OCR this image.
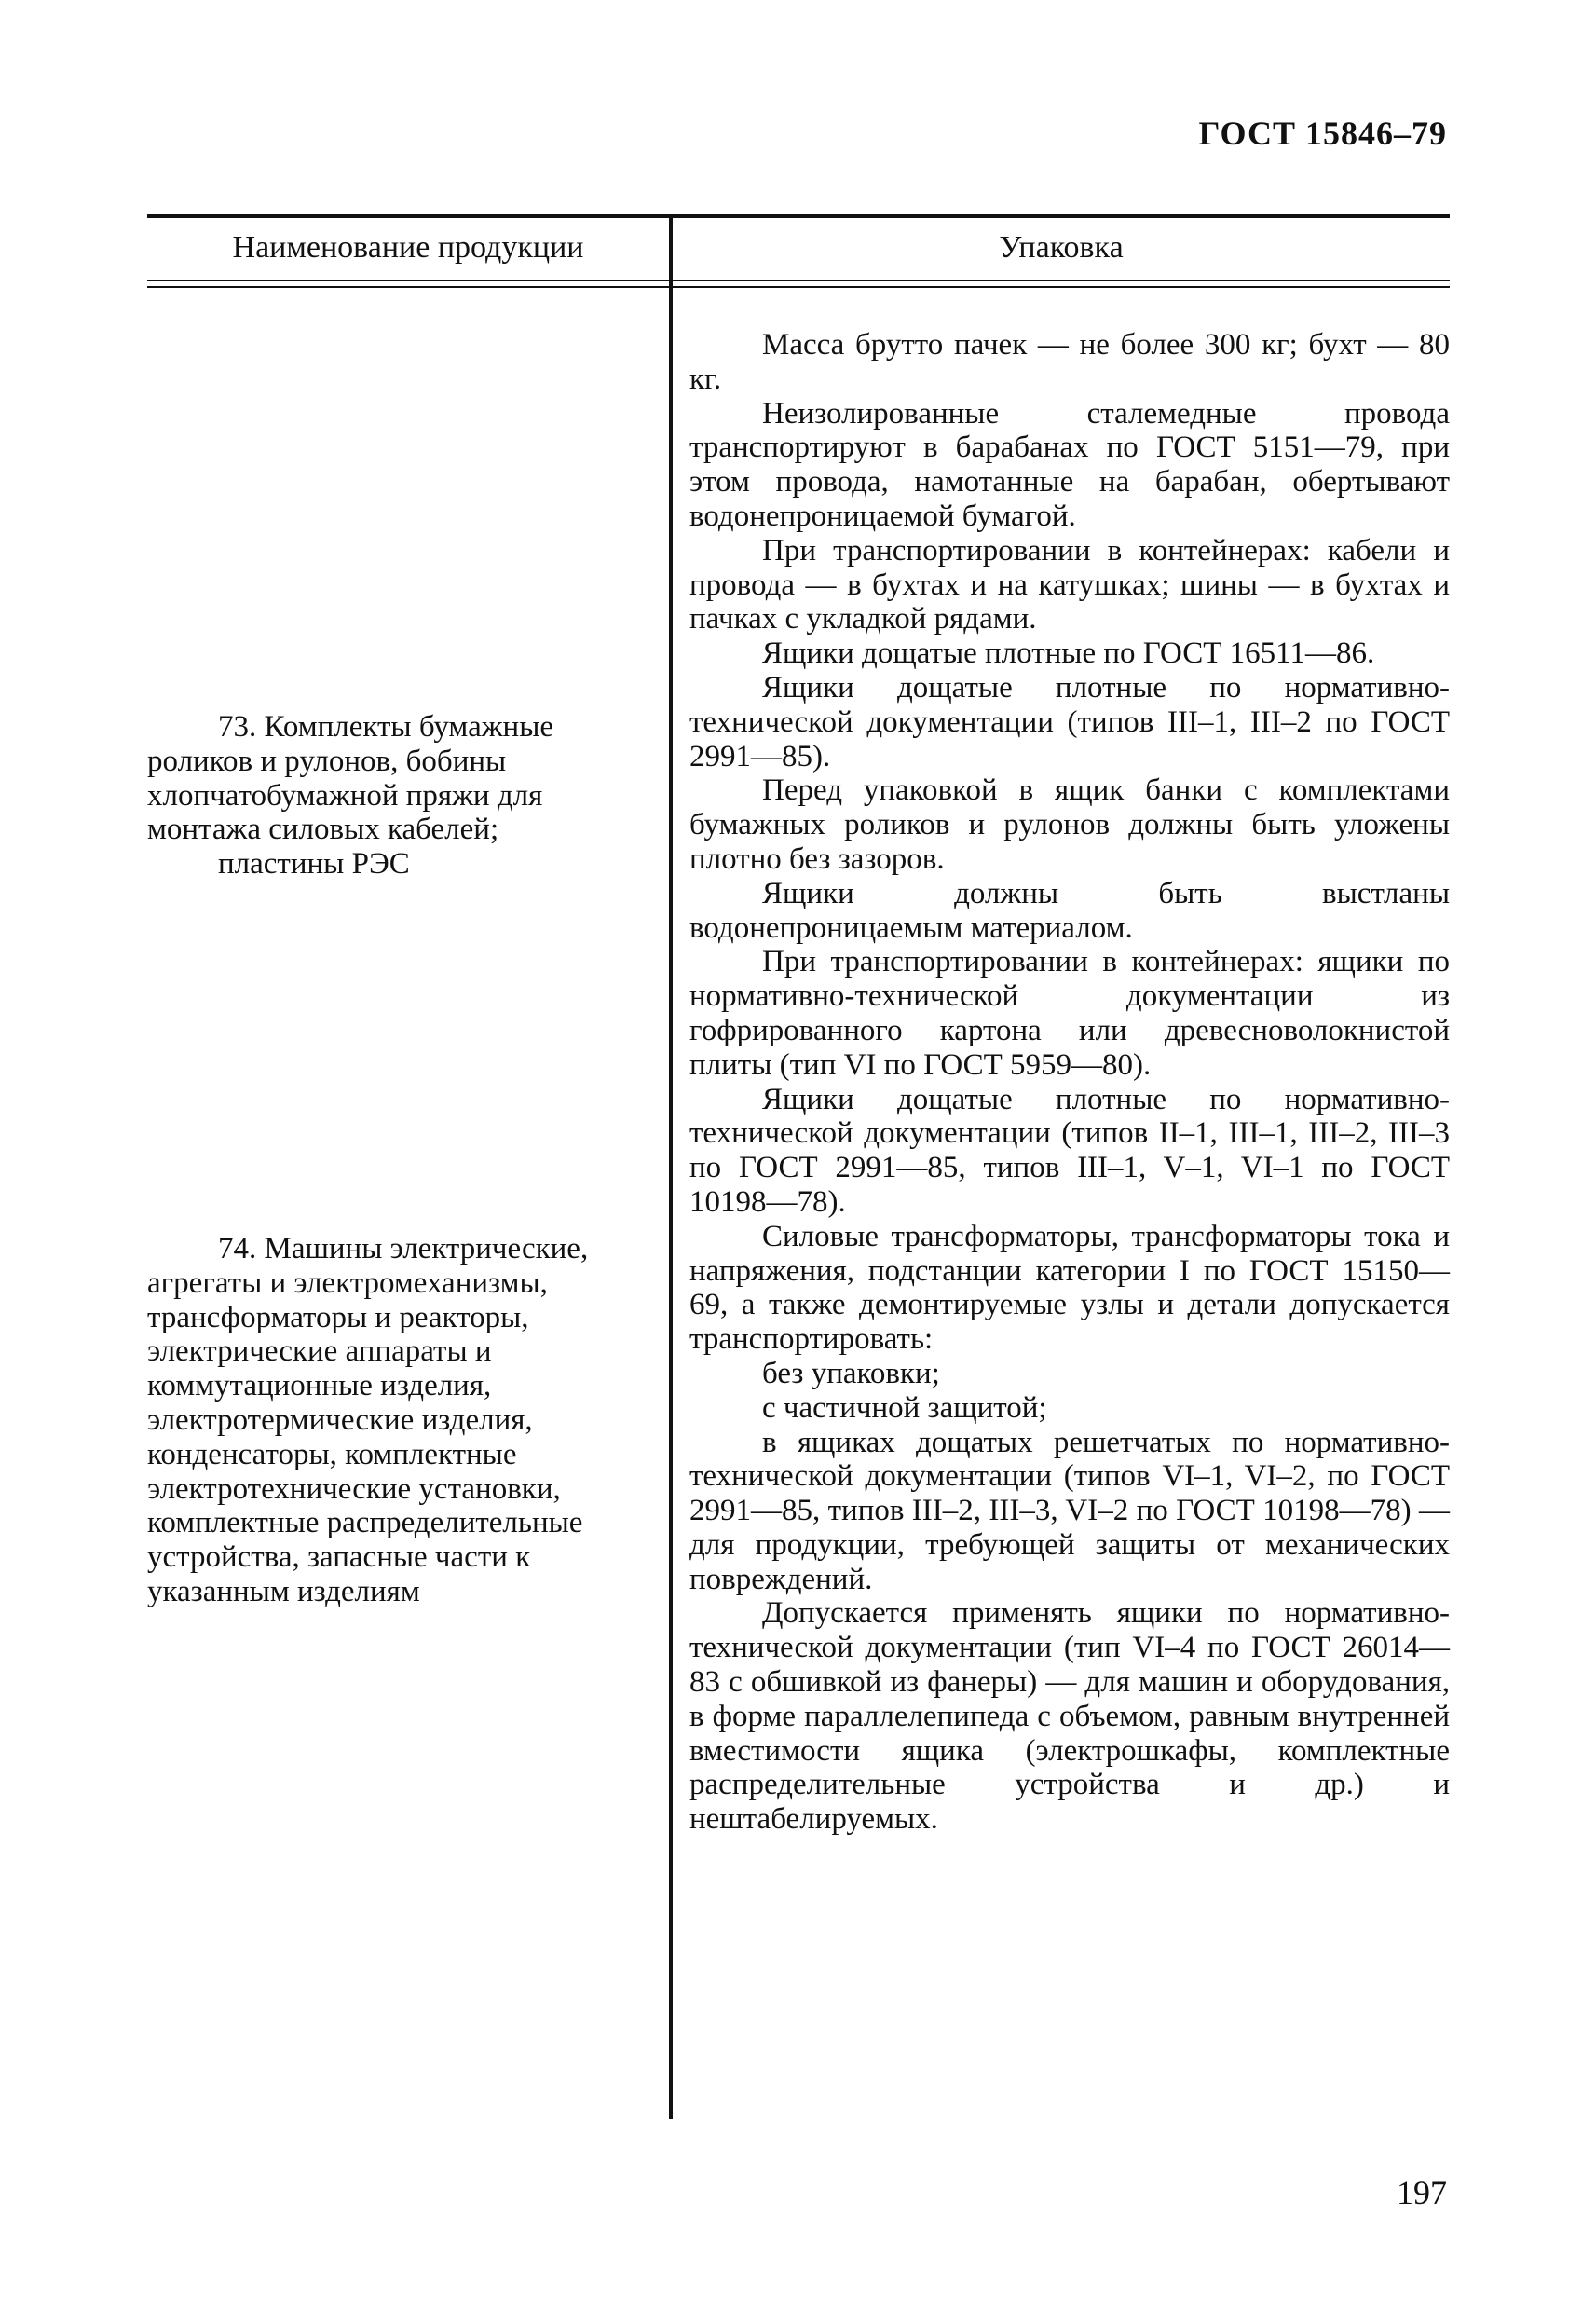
ГОСТ 15846–79

Наименование продукции	Упаковка

73. Комплекты бумажные роликов и рулонов, бобины хлопчатобумажной пряжи для монтажа силовых кабелей;

пластины РЭС

74. Машины электрические, агрегаты и электромеханизмы, трансформаторы и реакторы, электрические аппараты и коммутационные изделия, электротермические изделия, конденсаторы, комплектные электротехнические установки, комплектные распределительные устройства, запасные части к указанным изделиям

Масса брутто пачек — не более 300 кг; бухт — 80 кг.

Неизолированные сталемедные провода транспортируют в барабанах по ГОСТ 5151—79, при этом провода, намотанные на барабан, обертывают водонепроницаемой бумагой.

При транспортировании в контейнерах: кабели и провода — в бухтах и на катушках; шины — в бухтах и пачках с укладкой рядами.

Ящики дощатые плотные по ГОСТ 16511—86.

Ящики дощатые плотные по нормативно-технической документации (типов III–1, III–2 по ГОСТ 2991—85).

Перед упаковкой в ящик банки с комплектами бумажных роликов и рулонов должны быть уложены плотно без зазоров.

Ящики должны быть выстланы водонепроницаемым материалом.

При транспортировании в контейнерах: ящики по нормативно-технической документации из гофрированного картона или древесноволокнистой плиты (тип VI по ГОСТ 5959—80).

Ящики дощатые плотные по нормативно-технической документации (типов II–1, III–1, III–2, III–3 по ГОСТ 2991—85, типов III–1, V–1, VI–1 по ГОСТ 10198—78).

Силовые трансформаторы, трансформаторы тока и напряжения, подстанции категории I по ГОСТ 15150—69, а также демонтируемые узлы и детали допускается транспортировать:

без упаковки;

с частичной защитой;

в ящиках дощатых решетчатых по нормативно-технической документации (типов VI–1, VI–2, по ГОСТ 2991—85, типов III–2, III–3, VI–2 по ГОСТ 10198—78) — для продукции, требующей защиты от механических повреждений.

Допускается применять ящики по нормативно-технической документации (тип VI–4 по ГОСТ 26014—83 с обшивкой из фанеры) — для машин и оборудования, в форме параллелепипеда с объемом, равным внутренней вместимости ящика (электрошкафы, комплектные распределительные устройства и др.) и нештабелируемых.

197
